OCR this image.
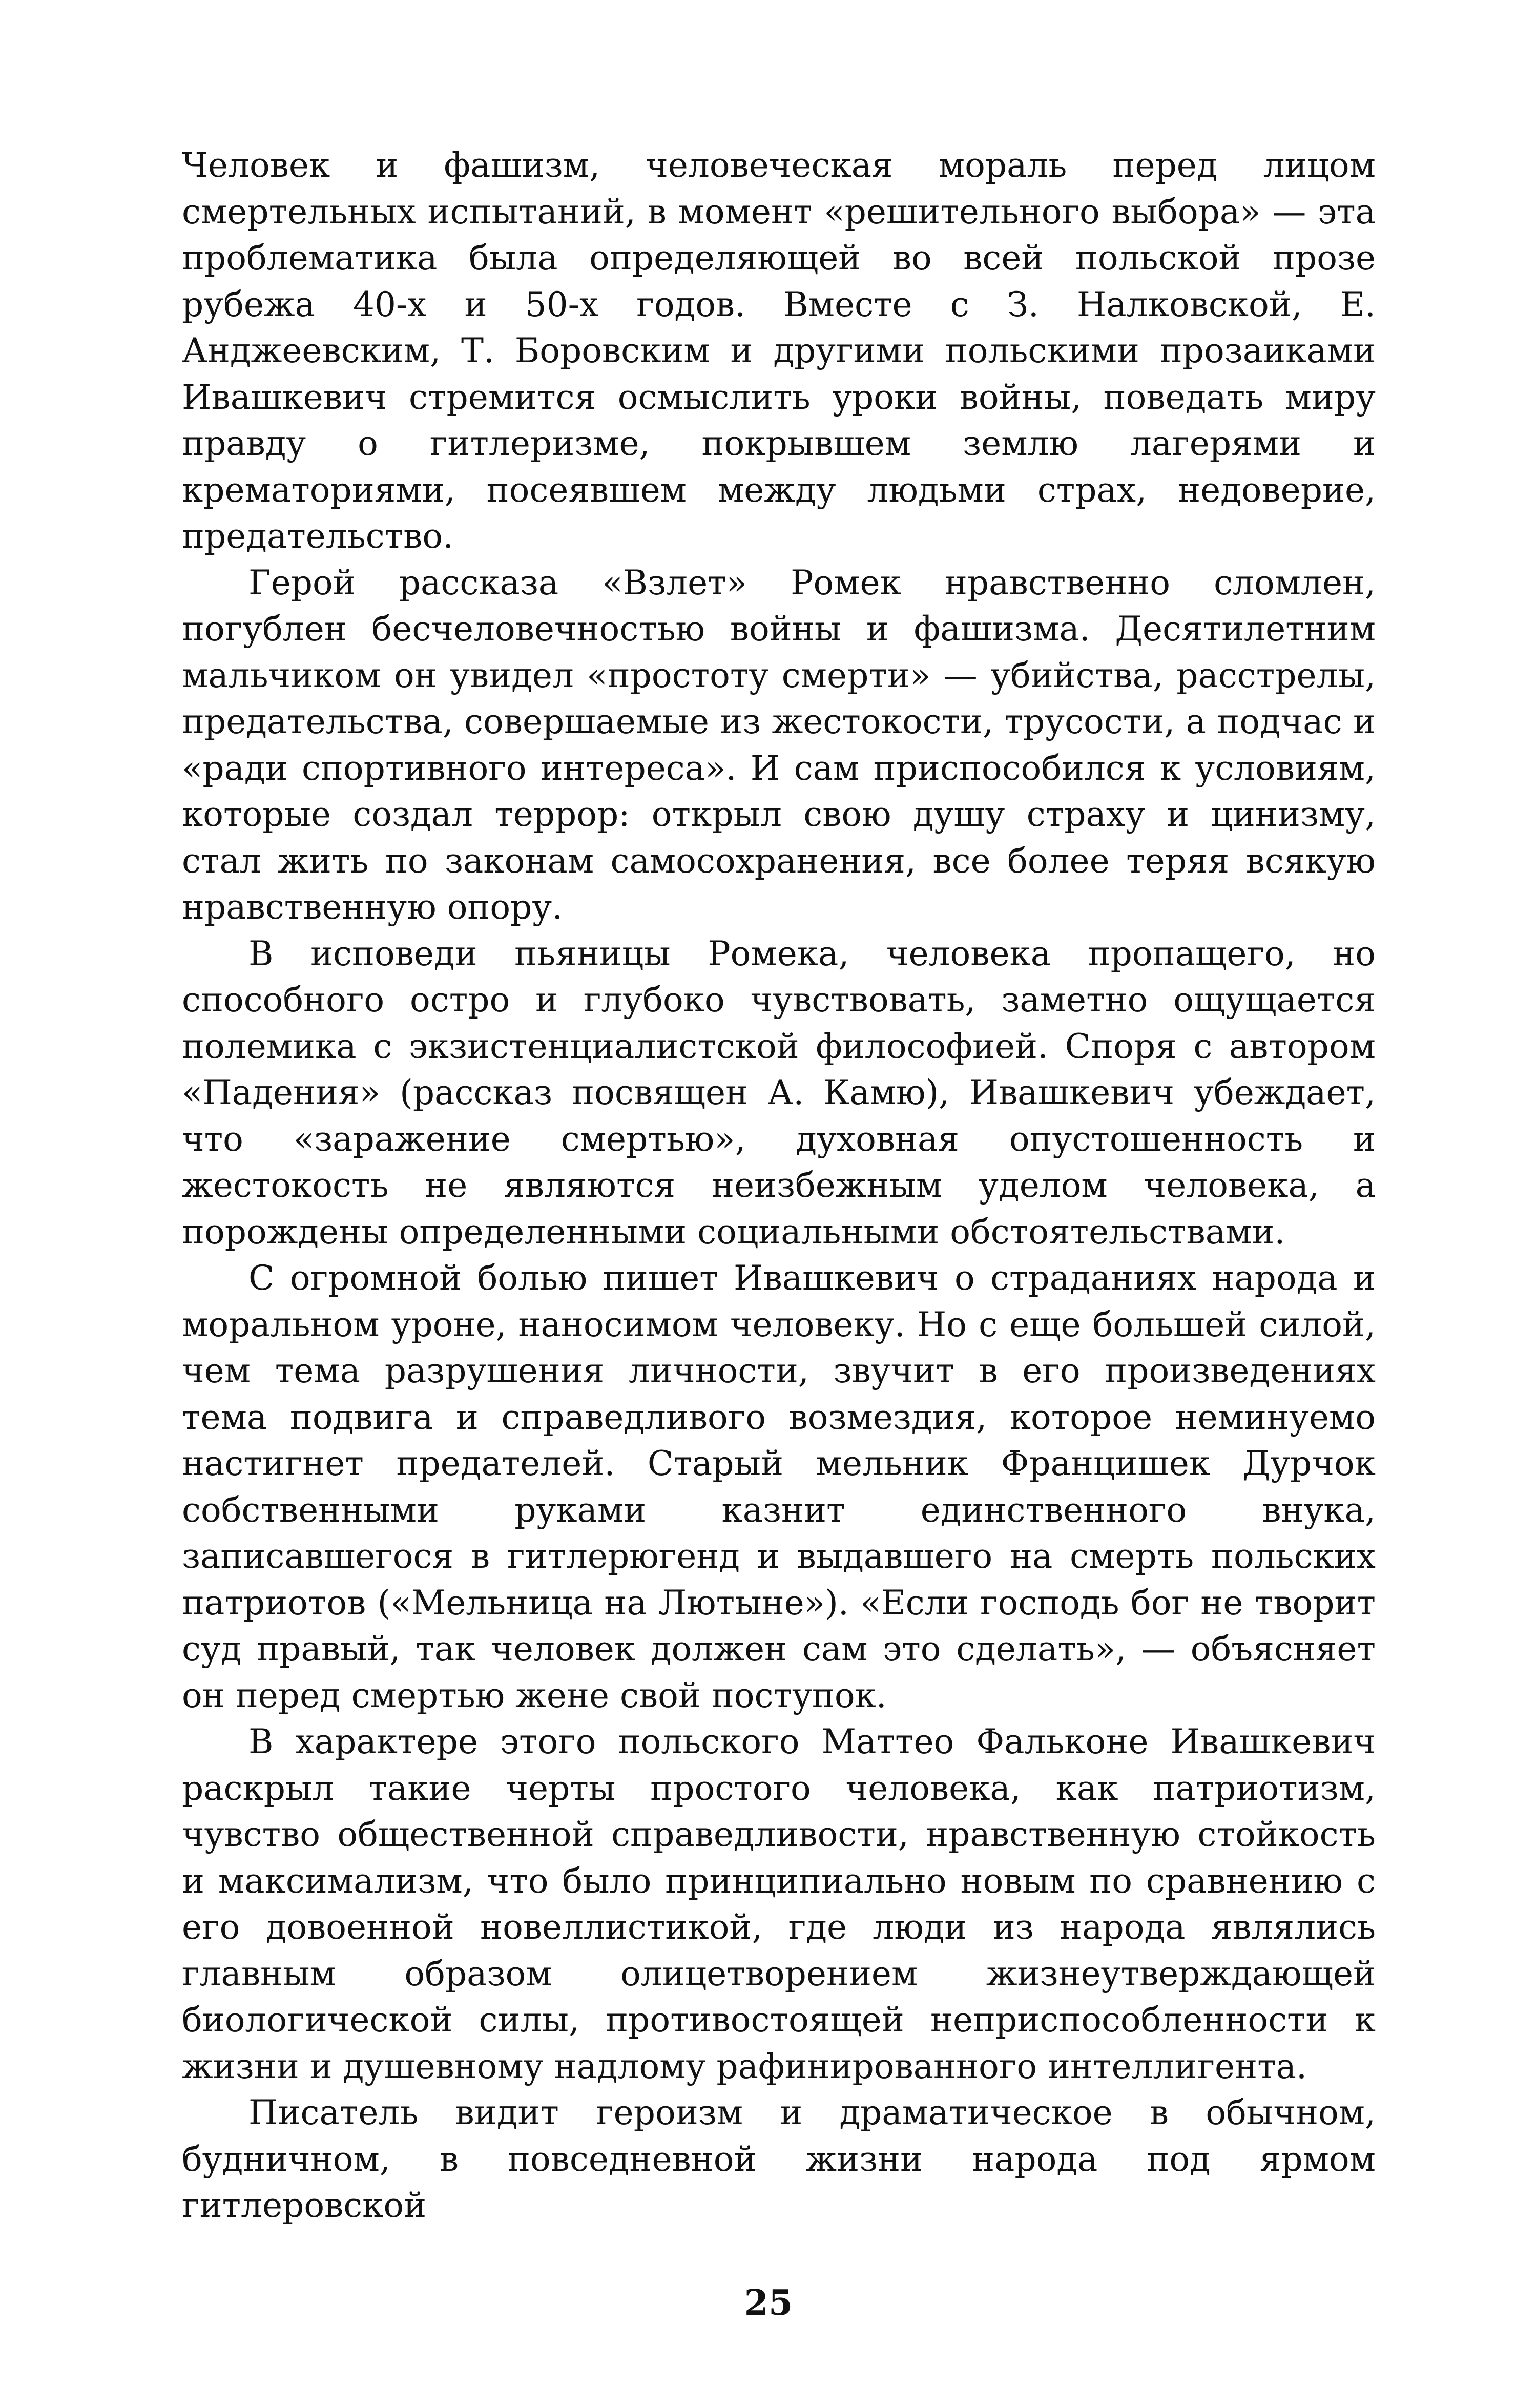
Человек и фашизм, человеческая мораль перед лицом смертельных испытаний, в момент «решительного выбора» — эта проблематика была определяющей во всей польской прозе рубежа 40-х и 50-х годов. Вместе с З. Налковской, Е. Анджеевским, Т. Боровским и другими польскими прозаиками Ивашкевич стремится осмыслить уроки войны, поведать миру правду о гитлеризме, покрывшем землю лагерями и крематориями, посеявшем между людьми страх, недоверие, предательство.

Герой рассказа «Взлет» Ромек нравственно сломлен, погублен бесчеловечностью войны и фашизма. Десятилетним мальчиком он увидел «простоту смерти» — убийства, расстрелы, предательства, совершаемые из жестокости, трусости, а подчас и «ради спортивного интереса». И сам приспособился к условиям, которые создал террор: открыл свою душу страху и цинизму, стал жить по законам самосохранения, все более теряя всякую нравственную опору.

В исповеди пьяницы Ромека, человека пропащего, но способного остро и глубоко чувствовать, заметно ощущается полемика с экзистенциалистской философией. Споря с автором «Падения» (рассказ посвящен А. Камю), Ивашкевич убеждает, что «заражение смертью», духовная опустошенность и жестокость не являются неизбежным уделом человека, а порождены определенными социальными обстоятельствами.

С огромной болью пишет Ивашкевич о страданиях народа и моральном уроне, наносимом человеку. Но с еще большей силой, чем тема разрушения личности, звучит в его произведениях тема подвига и справедливого возмездия, которое неминуемо настигнет предателей. Старый мельник Францишек Дурчок собственными руками казнит единственного внука, записавшегося в гитлерюгенд и выдавшего на смерть польских патриотов («Мельница на Лютыне»). «Если господь бог не творит суд правый, так человек должен сам это сделать», — объясняет он перед смертью жене свой поступок.

В характере этого польского Маттео Фальконе Ивашкевич раскрыл такие черты простого человека, как патриотизм, чувство общественной справедливости, нравственную стойкость и максимализм, что было принципиально новым по сравнению с его довоенной новеллистикой, где люди из народа являлись главным образом олицетворением жизнеутверждающей биологической силы, противостоящей неприспособленности к жизни и душевному надлому рафинированного интеллигента.

Писатель видит героизм и драматическое в обычном, будничном, в повседневной жизни народа под ярмом гитлеровской

25
